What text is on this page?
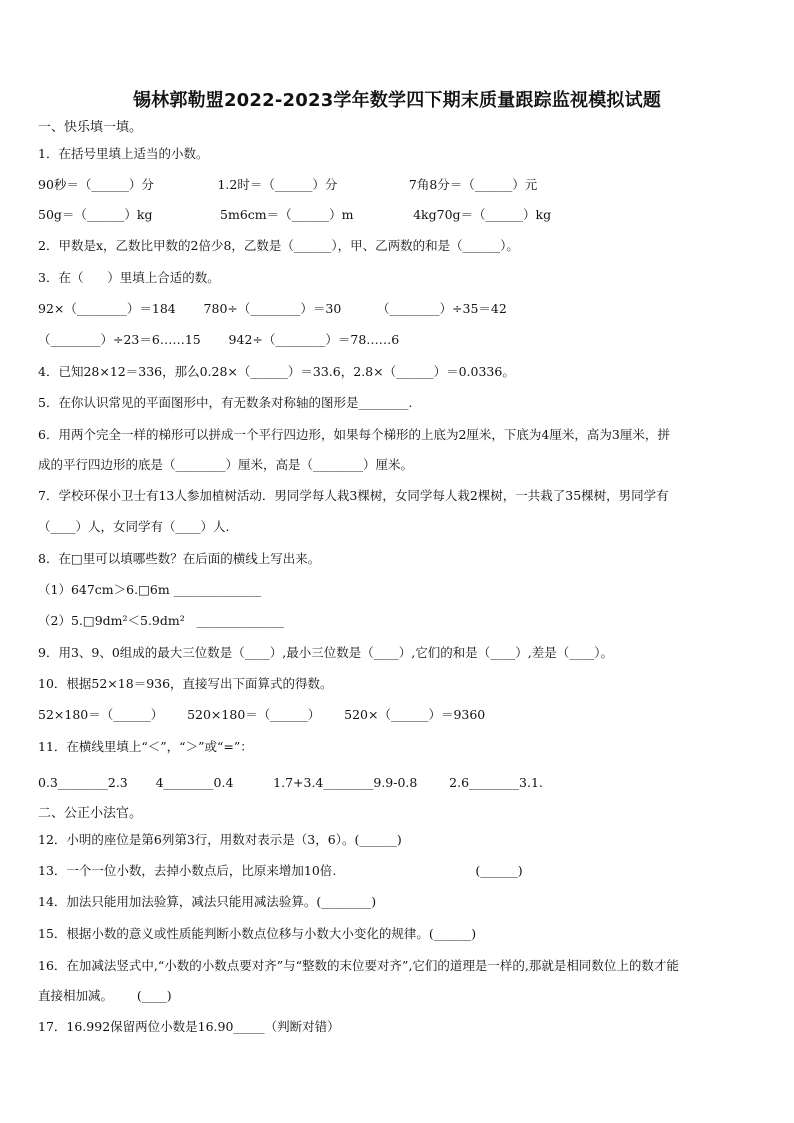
锡林郭勒盟2022-2023学年数学四下期末质量跟踪监视模拟试题
一、快乐填一填。
1．在括号里填上适当的小数。
90秒＝（______）分                1.2时＝（______）分                  7角8分＝（______）元
50g＝（______）kg                 5m6cm＝（______）m               4kg70g＝（______）kg
2．甲数是x，乙数比甲数的2倍少8，乙数是（______），甲、乙两数的和是（______）。
3．在（      ）里填上合适的数。
92×（________）＝184       780÷（________）＝30         （________）÷35＝42
（________）÷23＝6……15       942÷（________）＝78……6
4．已知28×12＝336，那么0.28×（______）＝33.6，2.8×（______）＝0.0336。
5．在你认识常见的平面图形中，有无数条对称轴的图形是________.
6．用两个完全一样的梯形可以拼成一个平行四边形，如果每个梯形的上底为2厘米，下底为4厘米，高为3厘米，拼
成的平行四边形的底是（________）厘米，高是（________）厘米。
7．学校环保小卫士有13人参加植树活动．男同学每人栽3棵树，女同学每人栽2棵树，一共栽了35棵树，男同学有
（____）人，女同学有（____）人.
8．在□里可以填哪些数？在后面的横线上写出来。
（1）647cm＞6.□6m ______________
（2）5.□9dm²＜5.9dm²   ______________
9．用3、9、0组成的最大三位数是（____）,最小三位数是（____）,它们的和是（____）,差是（____）。
10．根据52×18＝936，直接写出下面算式的得数。
52×180＝（______）      520×180＝（______）      520×（______）＝9360
11．在横线里填上“＜”，“＞”或“=”：
0.3________2.3       4________0.4          1.7+3.4________9.9-0.8        2.6________3.1.
二、公正小法官。
12．小明的座位是第6列第3行，用数对表示是（3，6）。(______)
13．一个一位小数，去掉小数点后，比原来增加10倍.                                   (______)
14．加法只能用加法验算，减法只能用减法验算。(________)
15．根据小数的意义或性质能判断小数点位移与小数大小变化的规律。(______)
16．在加减法竖式中,“小数的小数点要对齐”与“整数的末位要对齐”,它们的道理是一样的,那就是相同数位上的数才能
直接相加减。      (____)
17．16.992保留两位小数是16.90_____（判断对错）
